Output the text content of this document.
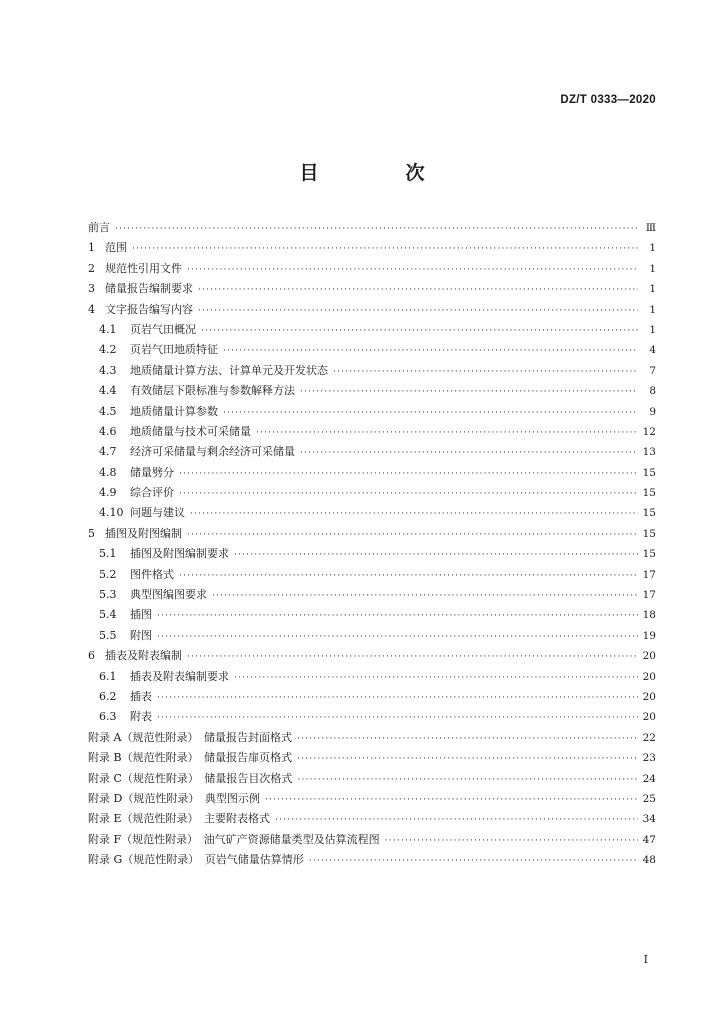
DZ/T 0333—2020
目　次
前言 ·····	Ⅲ
1 范围 ·····	1
2 规范性引用文件 ·····	1
3 储量报告编制要求 ·····	1
4 文字报告编写内容 ·····	1
4.1	页岩气田概况 ·····	1
4.2	页岩气田地质特征 ·····	4
4.3	地质储量计算方法、计算单元及开发状态 ·····	7
4.4	有效储层下限标准与参数解释方法 ·····	8
4.5	地质储量计算参数 ·····	9
4.6	地质储量与技术可采储量 ·····	12
4.7	经济可采储量与剩余经济可采储量 ·····	13
4.8	储量劈分 ·····	15
4.9	综合评价 ·····	15
4.10 问题与建议 ·····	15
5 插图及附图编制 ·····	15
5.1	插图及附图编制要求 ·····	15
5.2	图件格式 ·····	17
5.3	典型图编图要求 ·····	17
5.4	插图 ·····	18
5.5	附图 ·····	19
6 插表及附表编制 ·····	20
6.1	插表及附表编制要求 ·····	20
6.2	插表 ·····	20
6.3	附表 ·····	20
附录 A（规范性附录）　储量报告封面格式 ·····	22
附录 B（规范性附录）　储量报告扉页格式 ·····	23
附录 C（规范性附录）　储量报告目次格式 ·····	24
附录 D（规范性附录）　典型图示例 ·····	25
附录 E（规范性附录）　主要附表格式 ·····	34
附录 F（规范性附录）　油气矿产资源储量类型及估算流程图 ·····	47
附录 G（规范性附录）　页岩气储量估算情形 ·····	48
I
